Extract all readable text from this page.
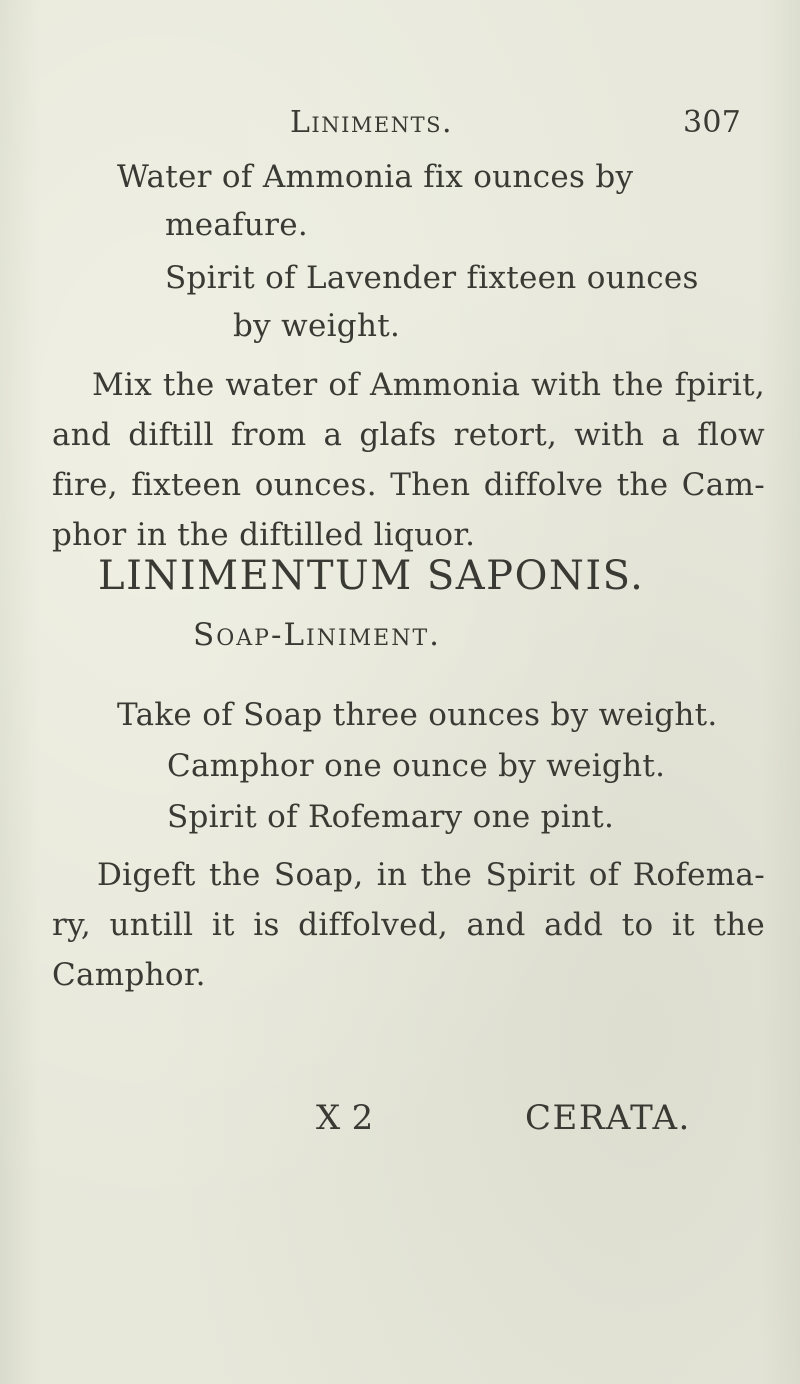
Liniments.	307
Water of Ammonia fix ounces by
meafure.
Spirit of Lavender fixteen ounces
by weight.
Mix the water of Ammonia with the fpirit,
and diftill from a glafs retort, with a flow
fire, fixteen ounces. Then diffolve the Cam-
phor in the diftilled liquor.
LINIMENTUM SAPONIS.
Soap-Liniment.
Take of Soap three ounces by weight.
Camphor one ounce by weight.
Spirit of Rofemary one pint.
Digeft the Soap, in the Spirit of Rofema-
ry, untill it is diffolved, and add to it the
Camphor.
X 2	CERATA.
